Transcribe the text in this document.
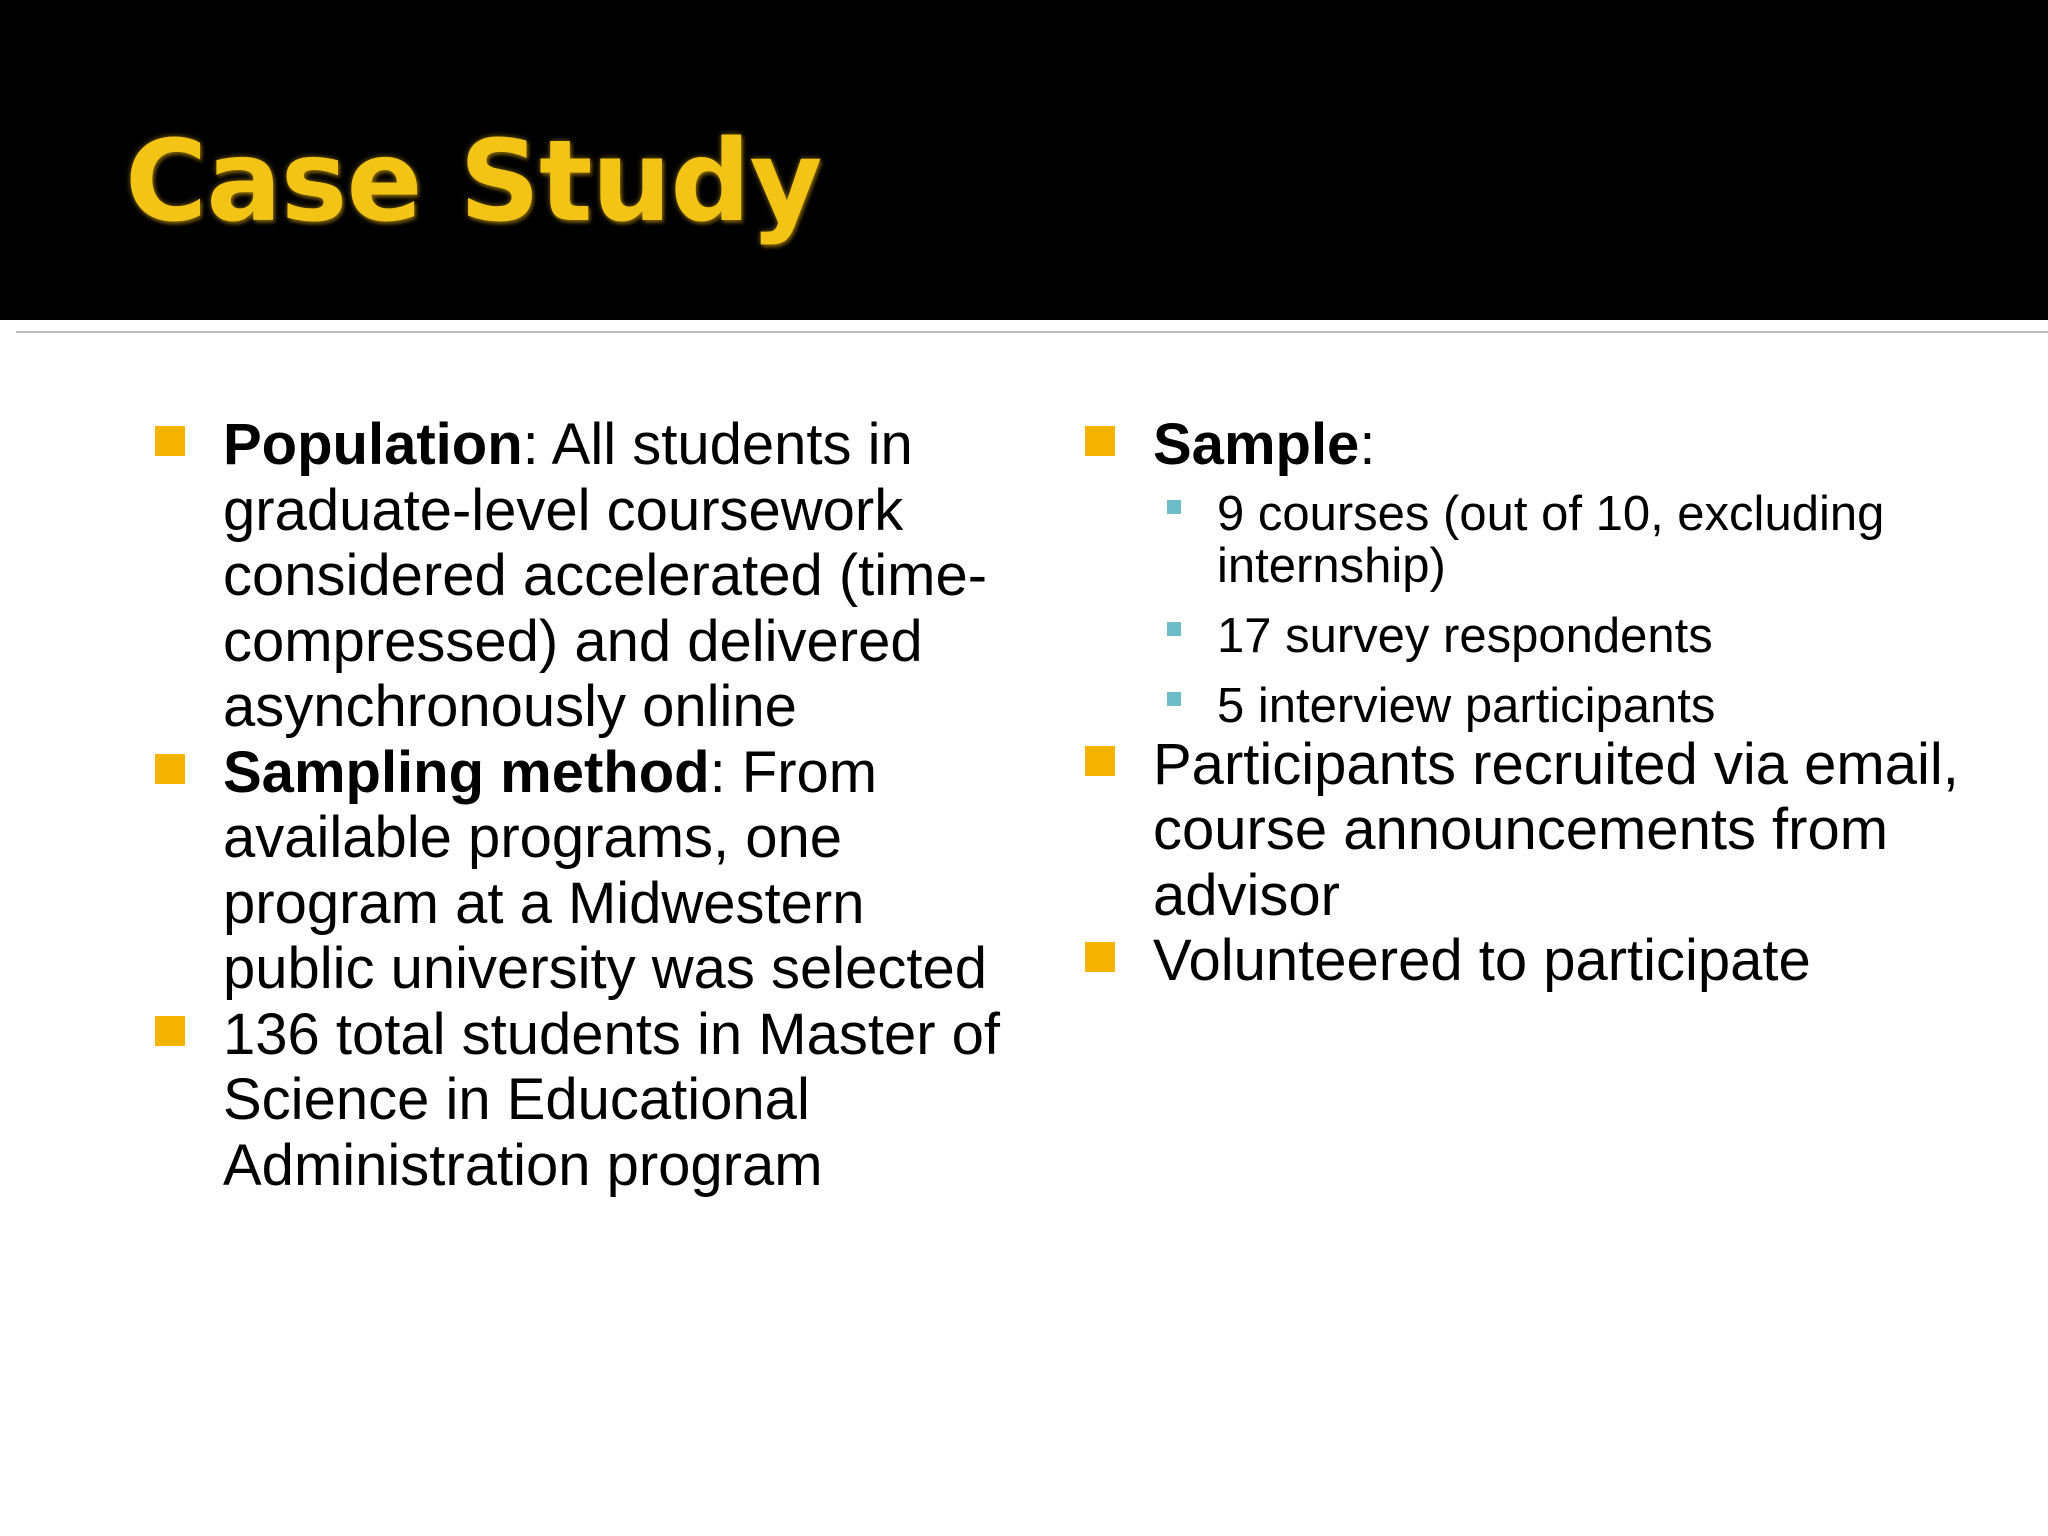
Case Study

Population: All students in graduate-level coursework considered accelerated (time-compressed) and delivered asynchronously online

Sampling method: From available programs, one program at a Midwestern public university was selected

136 total students in Master of Science in Educational Administration program

Sample:

9 courses (out of 10, excluding internship)
17 survey respondents
5 interview participants

Participants recruited via email, course announcements from advisor

Volunteered to participate
